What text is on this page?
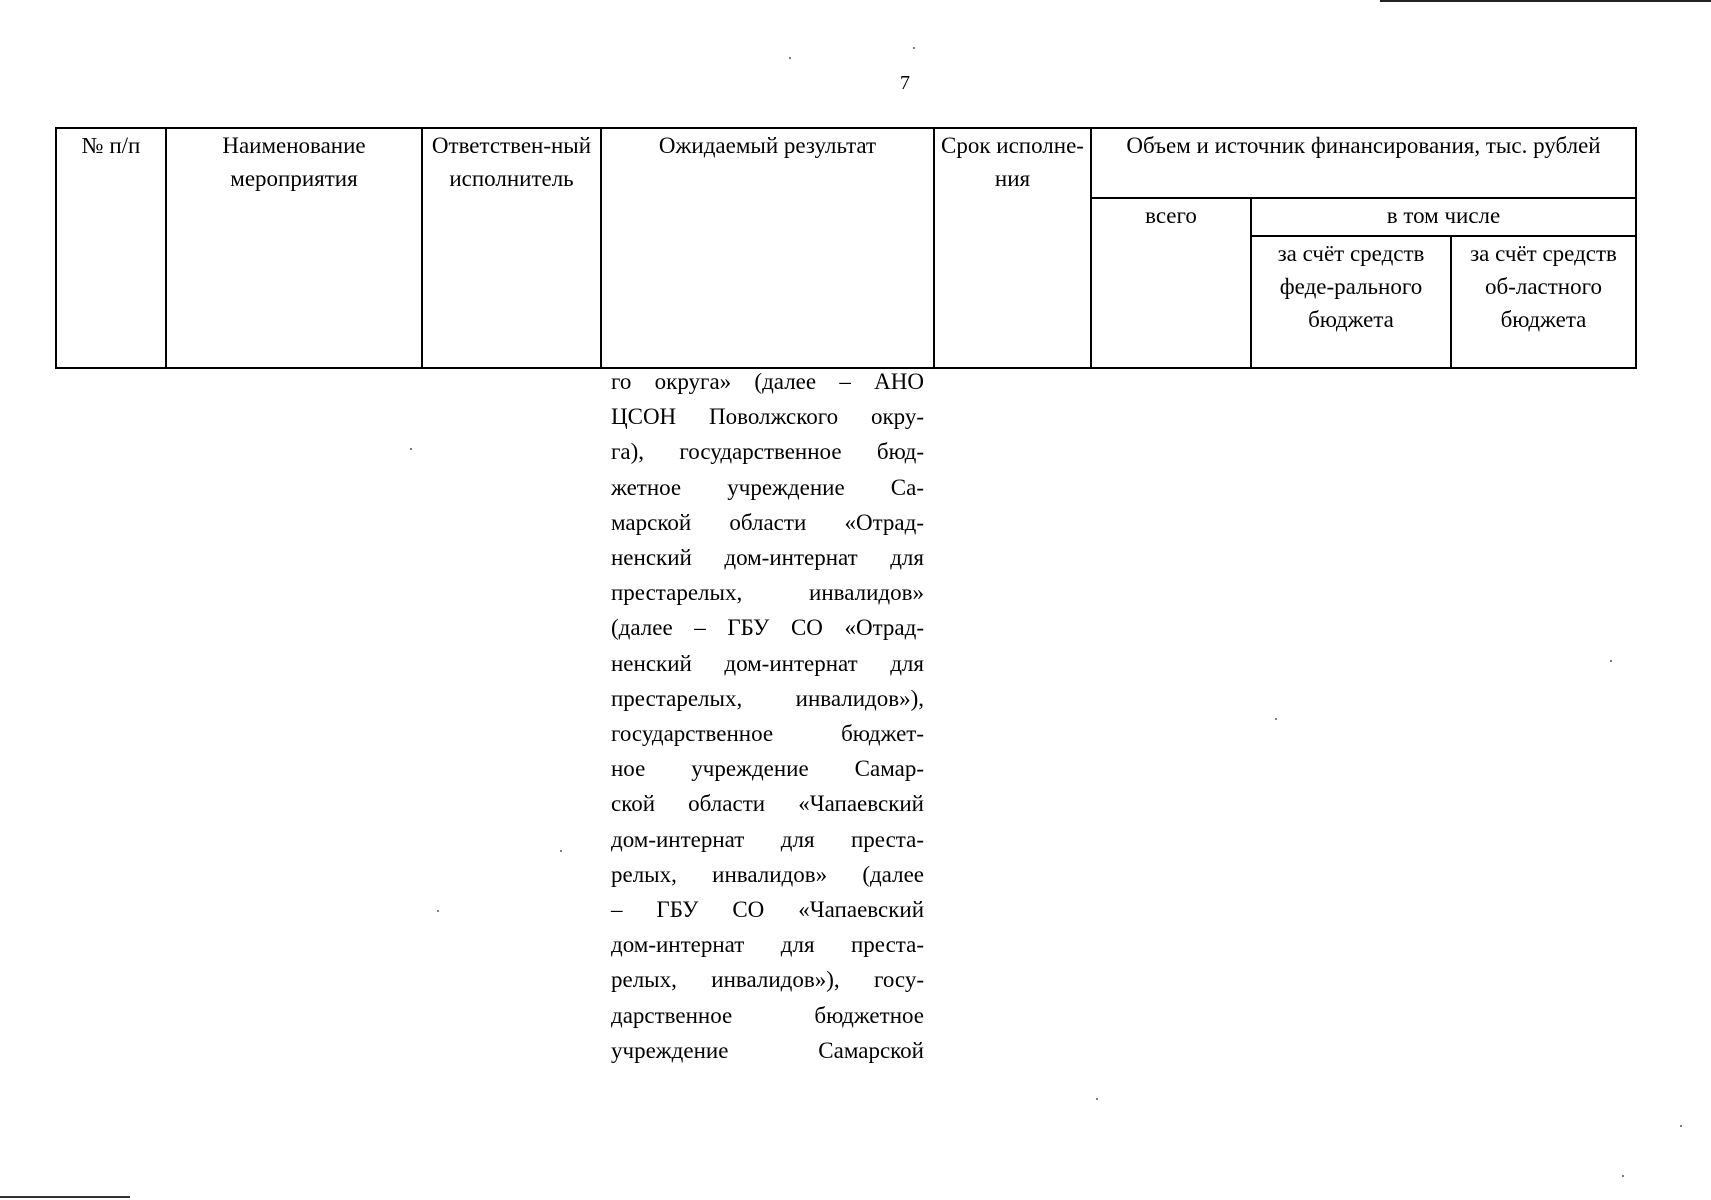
7
№ п/п	Наименование мероприятия	Ответствен-ный исполнитель	Ожидаемый результат	Срок исполне-ния	Объем и источник финансирования, тыс. рублей		
					всего	в том числе	
						за счёт средств феде-рального бюджета	за счёт средств об-ластного бюджета
го округа» (далее – АНО
ЦСОН Поволжского окру-
га), государственное бюд-
жетное учреждение Са-
марской области «Отрад-
ненский дом-интернат для
престарелых, инвалидов»
(далее – ГБУ СО «Отрад-
ненский дом-интернат для
престарелых, инвалидов»),
государственное бюджет-
ное учреждение Самар-
ской области «Чапаевский
дом-интернат для преста-
релых, инвалидов» (далее
– ГБУ СО «Чапаевский
дом-интернат для преста-
релых, инвалидов»), госу-
дарственное бюджетное
учреждение Самарской
